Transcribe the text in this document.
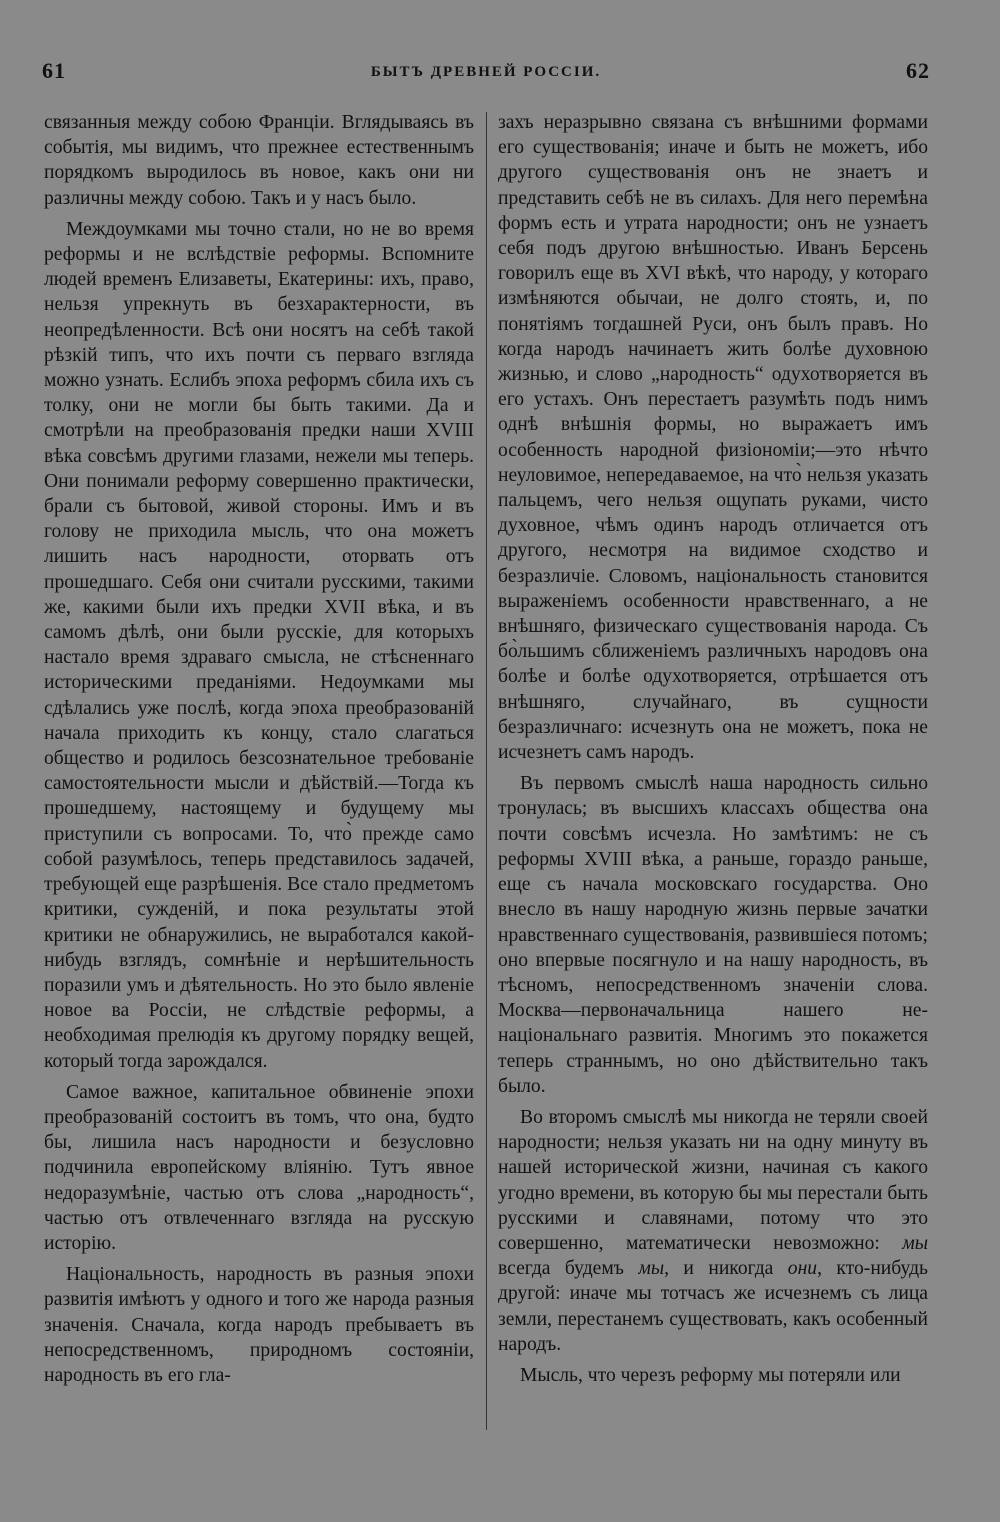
61	БЫТЪ ДРЕВНЕЙ РОССІИ.	62

связанныя между собою Франціи. Вглядываясь въ событія, мы видимъ, что прежнее естественнымъ порядкомъ выродилось въ новое, какъ они ни различны между собою. Такъ и у насъ было.

Междоумками мы точно стали, но не во время реформы и не вслѣдствіе реформы. Вспомните людей временъ Елизаветы, Екатерины: ихъ, право, нельзя упрекнуть въ безхарактерности, въ неопредѣленности. Всѣ они носятъ на себѣ такой рѣзкій типъ, что ихъ почти съ перваго взгляда можно узнать. Еслибъ эпоха реформъ сбила ихъ съ толку, они не могли бы быть такими. Да и смотрѣли на преобразованія предки наши XVIII вѣка совсѣмъ другими глазами, нежели мы теперь. Они понимали реформу совершенно практически, брали съ бытовой, живой стороны. Имъ и въ голову не приходила мысль, что она можетъ лишить насъ народности, оторвать отъ прошедшаго. Себя они считали русскими, такими же, какими были ихъ предки XVII вѣка, и въ самомъ дѣлѣ, они были русскіе, для которыхъ настало время здраваго смысла, не стѣсненнаго историческими преданіями. Недоумками мы сдѣлались уже послѣ, когда эпоха преобразованій начала приходить къ концу, стало слагаться общество и родилось безсознательное требованіе самостоятельности мысли и дѣйствій.—Тогда къ прошедшему, настоящему и будущему мы приступили съ вопросами. То, что̀ прежде само собой разумѣлось, теперь представилось задачей, требующей еще разрѣшенія. Все стало предметомъ критики, сужденій, и пока результаты этой критики не обнаружились, не выработался какой-нибудь взглядъ, сомнѣніе и нерѣшительность поразили умъ и дѣятельность. Но это было явленіе новое ва Россіи, не слѣдствіе реформы, а необходимая прелюдія къ другому порядку вещей, который тогда зарождался.

Самое важное, капитальное обвиненіе эпохи преобразованій состоитъ въ томъ, что она, будто бы, лишила насъ народности и безусловно подчинила европейскому вліянію. Тутъ явное недоразумѣніе, частью отъ слова „народность“, частью отъ отвлеченнаго взгляда на русскую исторію.

Національность, народность въ разныя эпохи развитія имѣютъ у одного и того же народа разныя значенія. Сначала, когда народъ пребываетъ въ непосредственномъ, природномъ состояніи, народность въ его гла-

захъ неразрывно связана съ внѣшними формами его существованія; иначе и быть не можетъ, ибо другого существованія онъ не знаетъ и представить себѣ не въ силахъ. Для него перемѣна формъ есть и утрата народности; онъ не узнаетъ себя подъ другою внѣшностью. Иванъ Берсень говорилъ еще въ XVI вѣкѣ, что народу, у котораго измѣняются обычаи, не долго стоять, и, по понятіямъ тогдашней Руси, онъ былъ правъ. Но когда народъ начинаетъ жить болѣе духовною жизнью, и слово „народность“ одухотворяется въ его устахъ. Онъ перестаетъ разумѣть подъ нимъ однѣ внѣшнія формы, но выражаетъ имъ особенность народной физіономіи;—это нѣчто неуловимое, непередаваемое, на что̀ нельзя указать пальцемъ, чего нельзя ощупать руками, чисто духовное, чѣмъ одинъ народъ отличается отъ другого, несмотря на видимое сходство и безразличіе. Словомъ, національность становится выраженіемъ особенности нравственнаго, а не внѣшняго, физическаго существованія народа. Съ бо̀льшимъ сближеніемъ различныхъ народовъ она болѣе и болѣе одухотворяется, отрѣшается отъ внѣшняго, случайнаго, въ сущности безразличнаго: исчезнуть она не можетъ, пока не исчезнетъ самъ народъ.

Въ первомъ смыслѣ наша народность сильно тронулась; въ высшихъ классахъ общества она почти совсѣмъ исчезла. Но замѣтимъ: не съ реформы XVIII вѣка, а раньше, гораздо раньше, еще съ начала московскаго государства. Оно внесло въ нашу народную жизнь первые зачатки нравственнаго существованія, развившіеся потомъ; оно впервые посягнуло и на нашу народность, въ тѣсномъ, непосредственномъ значеніи слова. Москва—первоначальница нашего не-національнаго развитія. Многимъ это покажется теперь страннымъ, но оно дѣйствительно такъ было.

Во второмъ смыслѣ мы никогда не теряли своей народности; нельзя указать ни на одну минуту въ нашей исторической жизни, начиная съ какого угодно времени, въ которую бы мы перестали быть русскими и славянами, потому что это совершенно, математически невозможно: мы всегда будемъ мы, и никогда они, кто-нибудь другой: иначе мы тотчасъ же исчезнемъ съ лица земли, перестанемъ существовать, какъ особенный народъ.

Мысль, что черезъ реформу мы потеряли или
